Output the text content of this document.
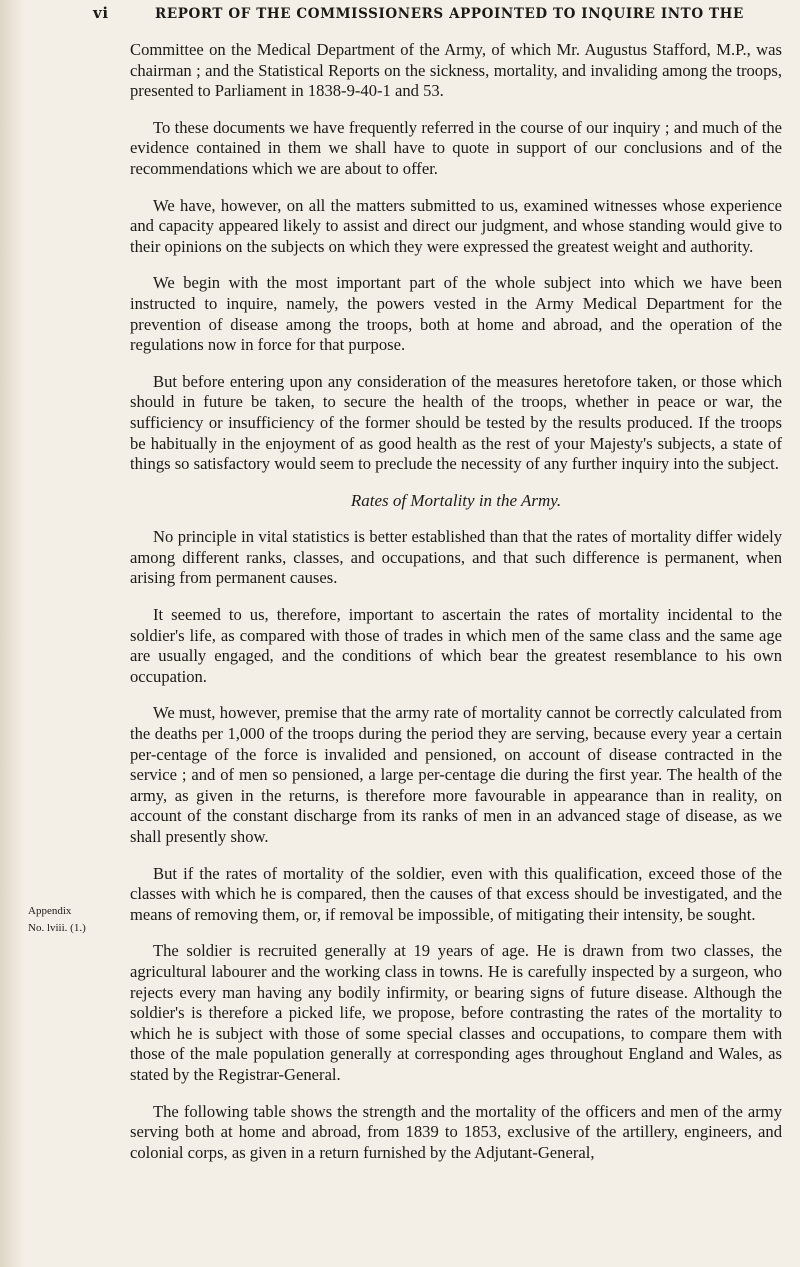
vi	REPORT OF THE COMMISSIONERS APPOINTED TO INQUIRE INTO THE
Appendix
No. lviii. (1.)

Committee on the Medical Department of the Army, of which Mr. Augustus Stafford, M.P., was chairman ; and the Statistical Reports on the sickness, mortality, and invaliding among the troops, presented to Parliament in 1838-9-40-1 and 53.

To these documents we have frequently referred in the course of our inquiry ; and much of the evidence contained in them we shall have to quote in support of our conclusions and of the recommendations which we are about to offer.

We have, however, on all the matters submitted to us, examined witnesses whose experience and capacity appeared likely to assist and direct our judgment, and whose standing would give to their opinions on the subjects on which they were expressed the greatest weight and authority.

We begin with the most important part of the whole subject into which we have been instructed to inquire, namely, the powers vested in the Army Medical Department for the prevention of disease among the troops, both at home and abroad, and the operation of the regulations now in force for that purpose.

But before entering upon any consideration of the measures heretofore taken, or those which should in future be taken, to secure the health of the troops, whether in peace or war, the sufficiency or insufficiency of the former should be tested by the results produced. If the troops be habitually in the enjoyment of as good health as the rest of your Majesty's subjects, a state of things so satisfactory would seem to preclude the necessity of any further inquiry into the subject.

Rates of Mortality in the Army.

No principle in vital statistics is better established than that the rates of mortality differ widely among different ranks, classes, and occupations, and that such difference is permanent, when arising from permanent causes.

It seemed to us, therefore, important to ascertain the rates of mortality incidental to the soldier's life, as compared with those of trades in which men of the same class and the same age are usually engaged, and the conditions of which bear the greatest resemblance to his own occupation.

We must, however, premise that the army rate of mortality cannot be correctly calculated from the deaths per 1,000 of the troops during the period they are serving, because every year a certain per-centage of the force is invalided and pensioned, on account of disease contracted in the service ; and of men so pensioned, a large per-centage die during the first year. The health of the army, as given in the returns, is therefore more favourable in appearance than in reality, on account of the constant discharge from its ranks of men in an advanced stage of disease, as we shall presently show.

But if the rates of mortality of the soldier, even with this qualification, exceed those of the classes with which he is compared, then the causes of that excess should be investigated, and the means of removing them, or, if removal be impossible, of mitigating their intensity, be sought.

The soldier is recruited generally at 19 years of age. He is drawn from two classes, the agricultural labourer and the working class in towns. He is carefully inspected by a surgeon, who rejects every man having any bodily infirmity, or bearing signs of future disease. Although the soldier's is therefore a picked life, we propose, before contrasting the rates of the mortality to which he is subject with those of some special classes and occupations, to compare them with those of the male population generally at corresponding ages throughout England and Wales, as stated by the Registrar-General.

The following table shows the strength and the mortality of the officers and men of the army serving both at home and abroad, from 1839 to 1853, exclusive of the artillery, engineers, and colonial corps, as given in a return furnished by the Adjutant-General,
